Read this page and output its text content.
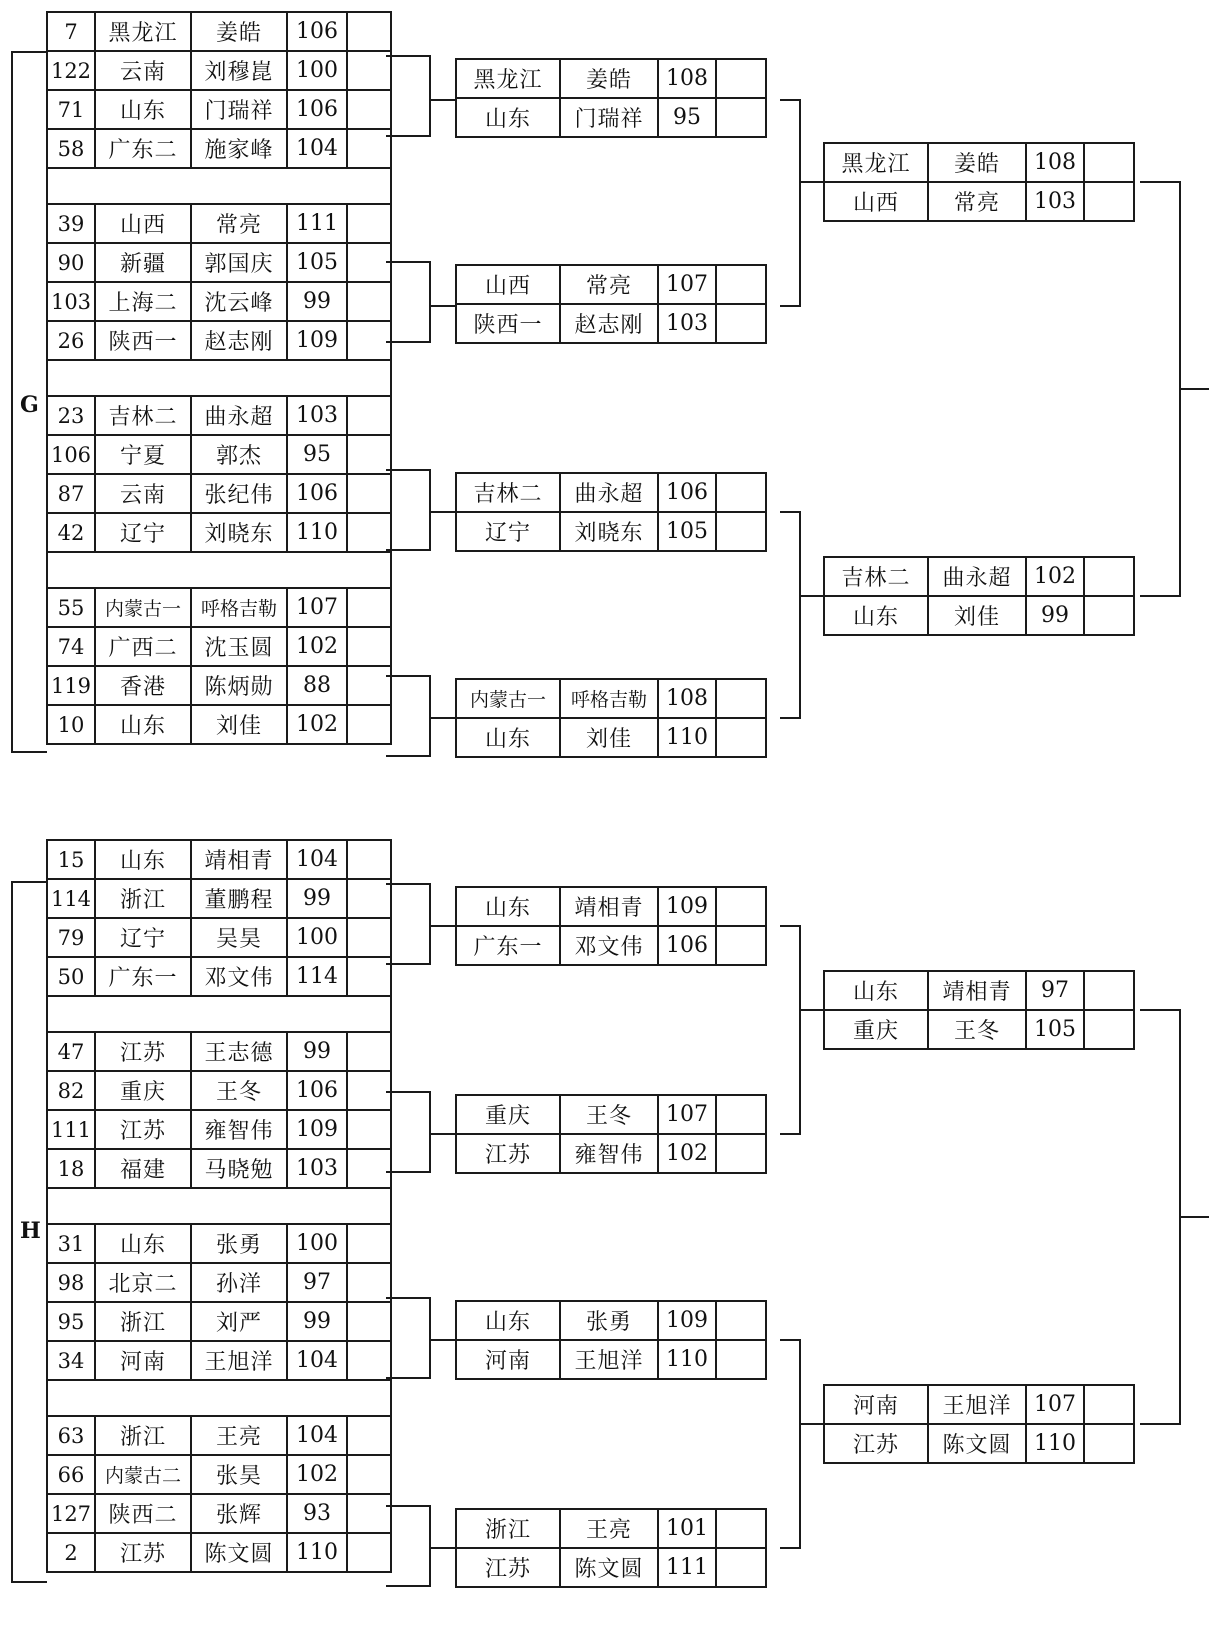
G
H
7	黑龙江	姜皓	106	
122	云南	刘穆崑	100	
71	山东	门瑞祥	106	
58	广东二	施家峰	104	

39	山西	常亮	111	
90	新疆	郭国庆	105	
103	上海二	沈云峰	99	
26	陕西一	赵志刚	109	

23	吉林二	曲永超	103	
106	宁夏	郭杰	95	
87	云南	张纪伟	106	
42	辽宁	刘晓东	110	

55	内蒙古一	呼格吉勒	107	
74	广西二	沈玉圆	102	
119	香港	陈炳勋	88	
10	山东	刘佳	102	
黑龙江	姜皓	108	
山东	门瑞祥	95	
山西	常亮	107	
陕西一	赵志刚	103	
吉林二	曲永超	106	
辽宁	刘晓东	105	
内蒙古一	呼格吉勒	108	
山东	刘佳	110	
黑龙江	姜皓	108	
山西	常亮	103	
吉林二	曲永超	102	
山东	刘佳	99	
15	山东	靖相青	104	
114	浙江	董鹏程	99	
79	辽宁	吴昊	100	
50	广东一	邓文伟	114	

47	江苏	王志德	99	
82	重庆	王冬	106	
111	江苏	雍智伟	109	
18	福建	马晓勉	103	

31	山东	张勇	100	
98	北京二	孙洋	97	
95	浙江	刘严	99	
34	河南	王旭洋	104	

63	浙江	王亮	104	
66	内蒙古二	张昊	102	
127	陕西二	张辉	93	
2	江苏	陈文圆	110	
山东	靖相青	109	
广东一	邓文伟	106	
重庆	王冬	107	
江苏	雍智伟	102	
山东	张勇	109	
河南	王旭洋	110	
浙江	王亮	101	
江苏	陈文圆	111	
山东	靖相青	97	
重庆	王冬	105	
河南	王旭洋	107	
江苏	陈文圆	110	
